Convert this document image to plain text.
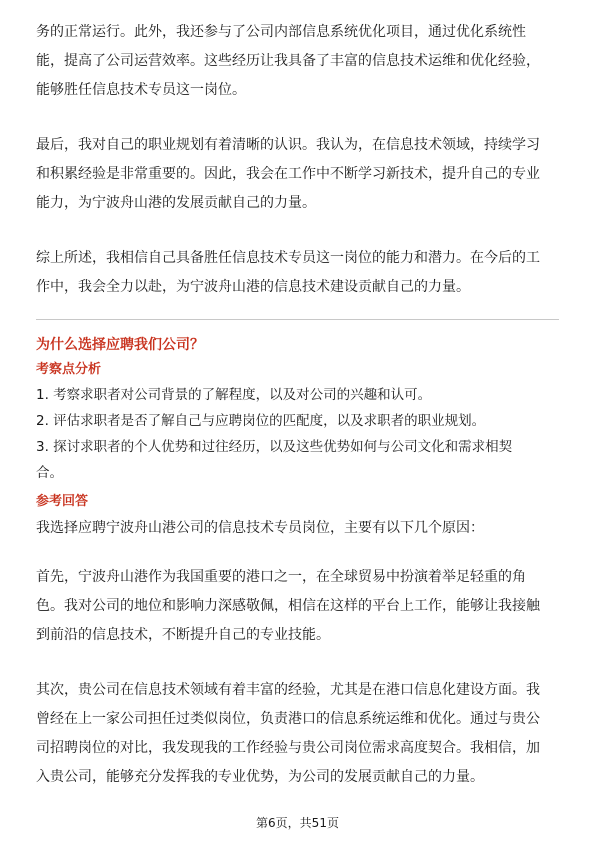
务的正常运行。此外，我还参与了公司内部信息系统优化项目，通过优化系统性

能，提高了公司运营效率。这些经历让我具备了丰富的信息技术运维和优化经验，

能够胜任信息技术专员这一岗位。

最后，我对自己的职业规划有着清晰的认识。我认为，在信息技术领域，持续学习

和积累经验是非常重要的。因此，我会在工作中不断学习新技术，提升自己的专业

能力，为宁波舟山港的发展贡献自己的力量。

综上所述，我相信自己具备胜任信息技术专员这一岗位的能力和潜力。在今后的工

作中，我会全力以赴，为宁波舟山港的信息技术建设贡献自己的力量。

为什么选择应聘我们公司？
考察点分析

1. 考察求职者对公司背景的了解程度，以及对公司的兴趣和认可。

2. 评估求职者是否了解自己与应聘岗位的匹配度，以及求职者的职业规划。

3. 探讨求职者的个人优势和过往经历，以及这些优势如何与公司文化和需求相契

合。

参考回答

我选择应聘宁波舟山港公司的信息技术专员岗位，主要有以下几个原因：

首先，宁波舟山港作为我国重要的港口之一，在全球贸易中扮演着举足轻重的角

色。我对公司的地位和影响力深感敬佩，相信在这样的平台上工作，能够让我接触

到前沿的信息技术，不断提升自己的专业技能。

其次，贵公司在信息技术领域有着丰富的经验，尤其是在港口信息化建设方面。我

曾经在上一家公司担任过类似岗位，负责港口的信息系统运维和优化。通过与贵公

司招聘岗位的对比，我发现我的工作经验与贵公司岗位需求高度契合。我相信，加

入贵公司，能够充分发挥我的专业优势，为公司的发展贡献自己的力量。

第6页，共51页
